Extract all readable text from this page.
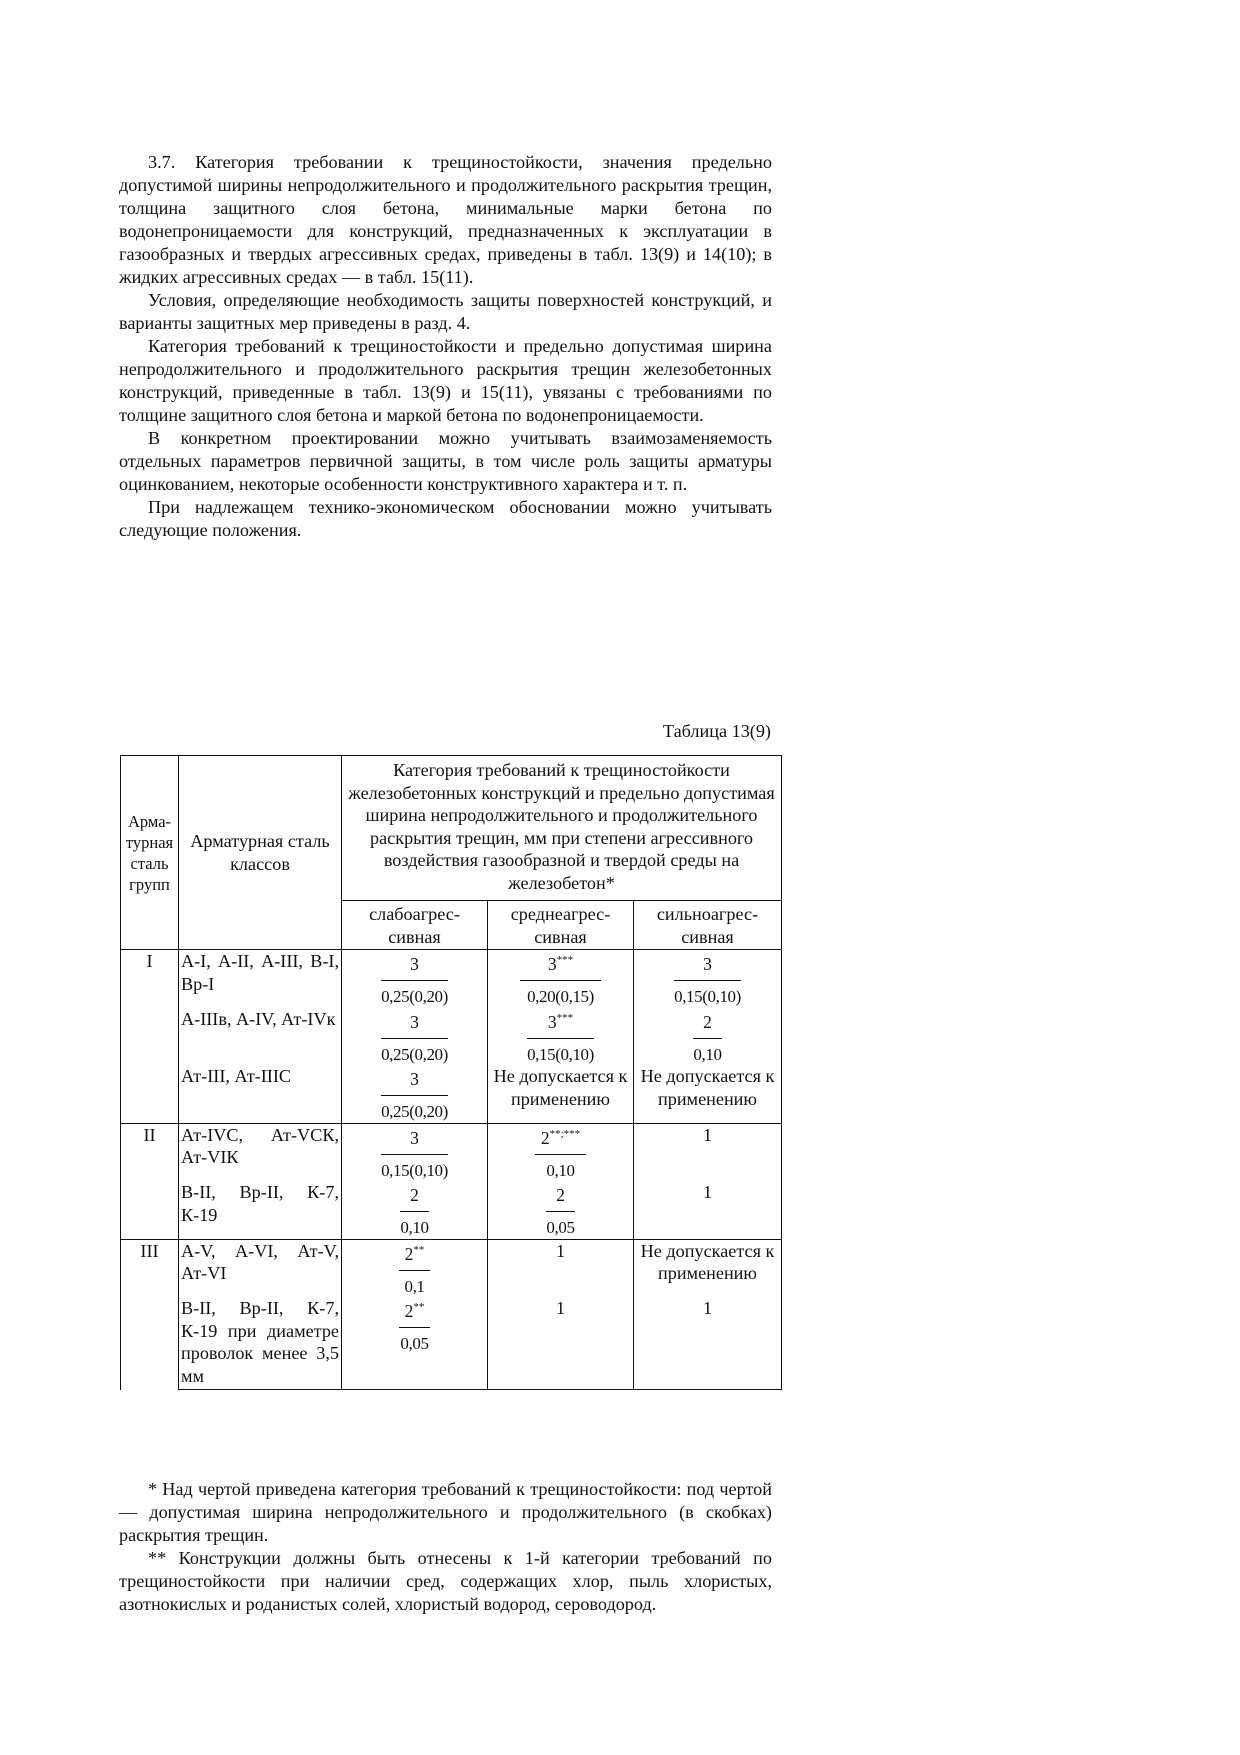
3.7. Категория требовании к трещиностойкости, значения предельно допустимой ширины непродолжительного и продолжительного раскрытия трещин, толщина защитного слоя бетона, минимальные марки бетона по водонепроницаемости для конструкций, предназначенных к эксплуатации в газообразных и твердых агрессивных средах, приведены в табл. 13(9) и 14(10); в жидких агрессивных средах — в табл. 15(11).

Условия, определяющие необходимость защиты поверхностей конструкций, и варианты защитных мер приведены в разд. 4.

Категория требований к трещиностойкости и предельно допустимая ширина непродолжительного и продолжительного раскрытия трещин железобетонных конструкций, приведенные в табл. 13(9) и 15(11), увязаны с требованиями по толщине защитного слоя бетона и маркой бетона по водонепроницаемости.

В конкретном проектировании можно учитывать взаимозаменяемость отдельных параметров первичной защиты, в том числе роль защиты арматуры оцинкованием, некоторые особенности конструктивного характера и т. п.

При надлежащем технико-экономическом обосновании можно учитывать следующие положения.

Таблица 13(9)
Арма-турная сталь групп	Арматурная сталь классов	Категория требований к трещиностойкости железобетонных конструкций и предельно допустимая ширина непродолжительного и продолжительного раскрытия трещин, мм при степени агрессивного воздействия газообразной и твердой среды на железобетон*		
		слабоагрес-сивная	среднеагрес-сивная	сильноагрес-сивная
I	А-I, А-II, А-III, В-I, Вр-I	$\frac{3}{0,25(0,20)}$	$\frac{3^{***}}{0,20(0,15)}$	$\frac{3}{0,15(0,10)}$

	А-IIIв, А-IV, Ат-IVк	$\frac{3}{0,25(0,20)}$	$\frac{3^{***}}{0,15(0,10)}$	$\frac{2}{0,10}$

	Ат-III, Ат-IIIС	$\frac{3}{0,25(0,20)}$	Не допускается к применению	Не допускается к применению
II	Ат-IVС, Ат-VСК, Ат-VIК	$\frac{3}{0,15(0,10)}$	$\frac{2^{**;***}}{0,10}$	1
	В-II, Вр-II, К-7, К-19	$\frac{2}{0,10}$	$\frac{2}{0,05}$	1
III	А-V, А-VI, Ат-V, Ат-VI	$\frac{2^{**}}{0,1}$	1	Не допускается к применению
	В-II, Вр-II, К-7, К-19 при диаметре проволок менее 3,5 мм	$\frac{2^{**}}{0,05}$	1	1

* Над чертой приведена категория требований к трещиностойкости: под чертой — допустимая ширина непродолжительного и продолжительного (в скобках) раскрытия трещин.

** Конструкции должны быть отнесены к 1-й категории требований по трещиностойкости при наличии сред, содержащих хлор, пыль хлористых, азотнокислых и роданистых солей, хлористый водород, сероводород.
